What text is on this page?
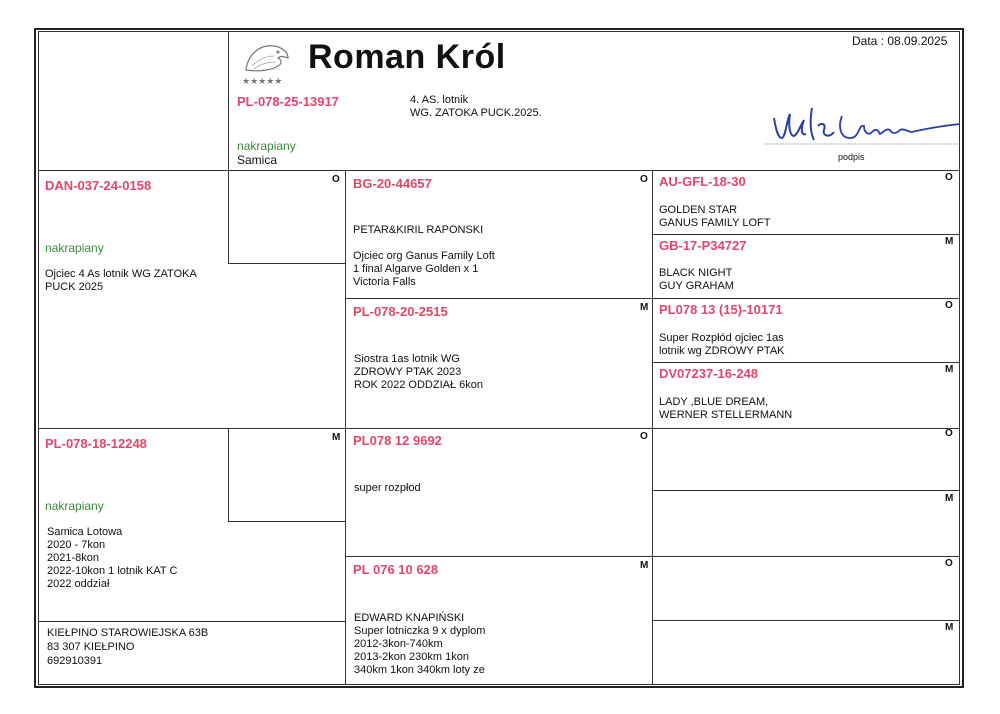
Data : 08.09.2025
★★★★★
Roman Król
PL-078-25-13917	4. AS. lotnik
WG. ZATOKA PUCK.2025.
nakrapiany
Samica	podpis
DAN-037-24-0158
nakrapiany
Ojciec 4 As lotnik WG ZATOKA
PUCK 2025
O
PL-078-18-12248
nakrapiany
Samica Lotowa
2020 - 7kon
2021-8kon
2022-10kon 1 lotnik KAT C
2022 oddział
M
KIEŁPINO STAROWIEJSKA 63B
83 307 KIEŁPINO
692910391
BG-20-44657	O
PETAR&KIRIL RAPONSKI

Ojciec org Ganus Family Loft
1 final Algarve Golden x 1
Victoria Falls
PL-078-20-2515	M
Siostra 1as lotnik WG
ZDROWY PTAK 2023
ROK 2022 ODDZIAŁ 6kon
PL078 12 9692	O
super rozpłod
PL 076 10 628	M
EDWARD KNAPIŃSKI
Super lotniczka 9 x dyplom
2012-3kon-740km
2013-2kon 230km 1kon
340km 1kon 340km loty ze
AU-GFL-18-30	O
GOLDEN STAR
GANUS FAMILY LOFT
GB-17-P34727	M
BLACK NIGHT
GUY GRAHAM
PL078 13 (15)-10171	O
Super Rozpłód ojciec 1as
lotnik wg ZDROWY PTAK
DV07237-16-248	M
LADY ,BLUE DREAM,
WERNER STELLERMANN
O
M
O
M
